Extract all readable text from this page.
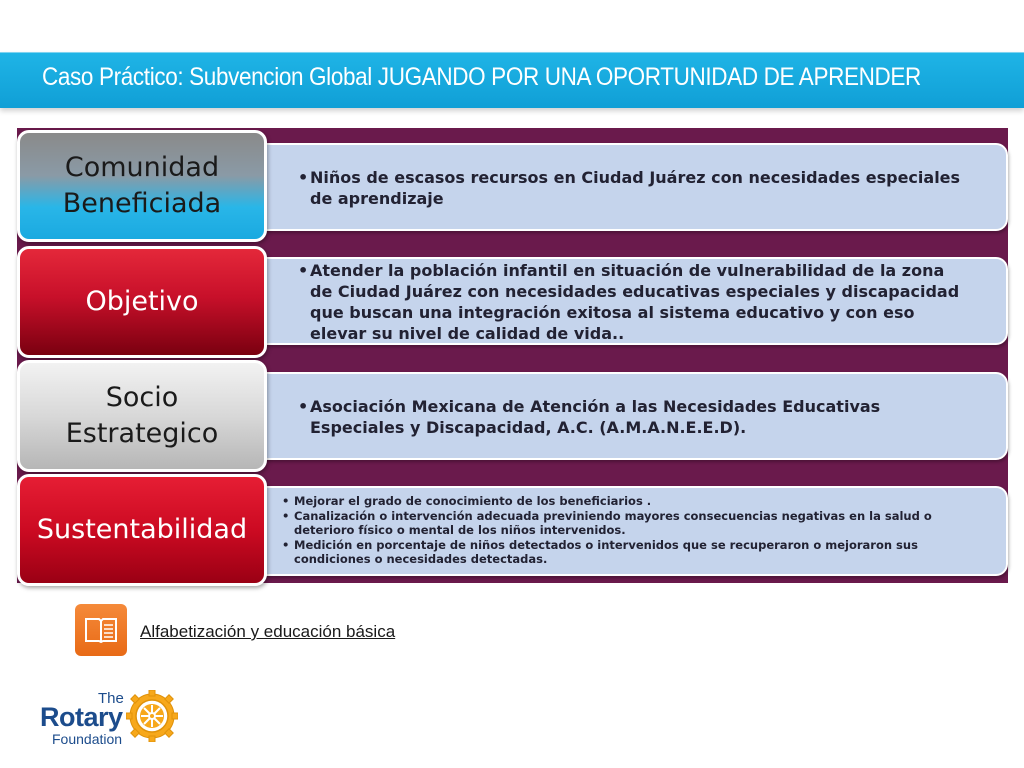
Caso Práctico: Subvencion Global JUGANDO POR UNA OPORTUNIDAD DE APRENDER
• Niños de escasos recursos en Ciudad Juárez con necesidades especiales de aprendizaje
Comunidad
Beneficiada
• Atender la población infantil en situación de vulnerabilidad de la zona de Ciudad Juárez con necesidades educativas especiales y discapacidad que buscan una integración exitosa al sistema educativo y con eso elevar su nivel de calidad de vida..
Objetivo
• Asociación Mexicana de Atención a las Necesidades Educativas Especiales y Discapacidad, A.C. (A.M.A.N.E.E.D).
Socio
Estrategico
• Mejorar el grado de conocimiento de los beneficiarios .
• Canalización o intervención adecuada previniendo mayores consecuencias negativas en la salud o deterioro físico o mental de los niños intervenidos.
• Medición en porcentaje de niños detectados o intervenidos que se recuperaron o mejoraron sus condiciones o necesidades detectadas.
Sustentabilidad
Alfabetización y educación básica
The
Rotary
Foundation
